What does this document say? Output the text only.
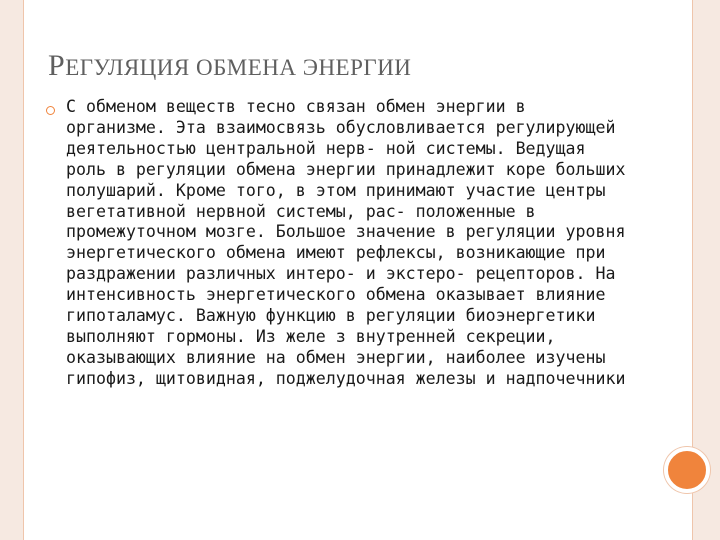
РЕГУЛЯЦИЯ ОБМЕНА ЭНЕРГИИ

С обменом веществ тесно связан обмен энергии в организме. Эта взаимосвязь обусловливается регулирующей деятельностью центральной нерв- ной системы. Ведущая роль в регуляции обмена энергии принадлежит коре больших полушарий. Кроме того, в этом принимают участие центры вегетативной нервной системы, рас- положенные в промежуточном мозге. Большое значение в регуляции уровня энергетического обмена имеют рефлексы, возникающие при раздражении различных интеро- и экстеро- рецепторов. На интенсивность энергетического обмена оказывает влияние гипоталамус. Важную функцию в регуляции биоэнергетики выполняют гормоны. Из желе з внутренней секреции, оказывающих влияние на обмен энергии, наиболее изучены гипофиз, щитовидная, поджелудочная железы и надпочечники
